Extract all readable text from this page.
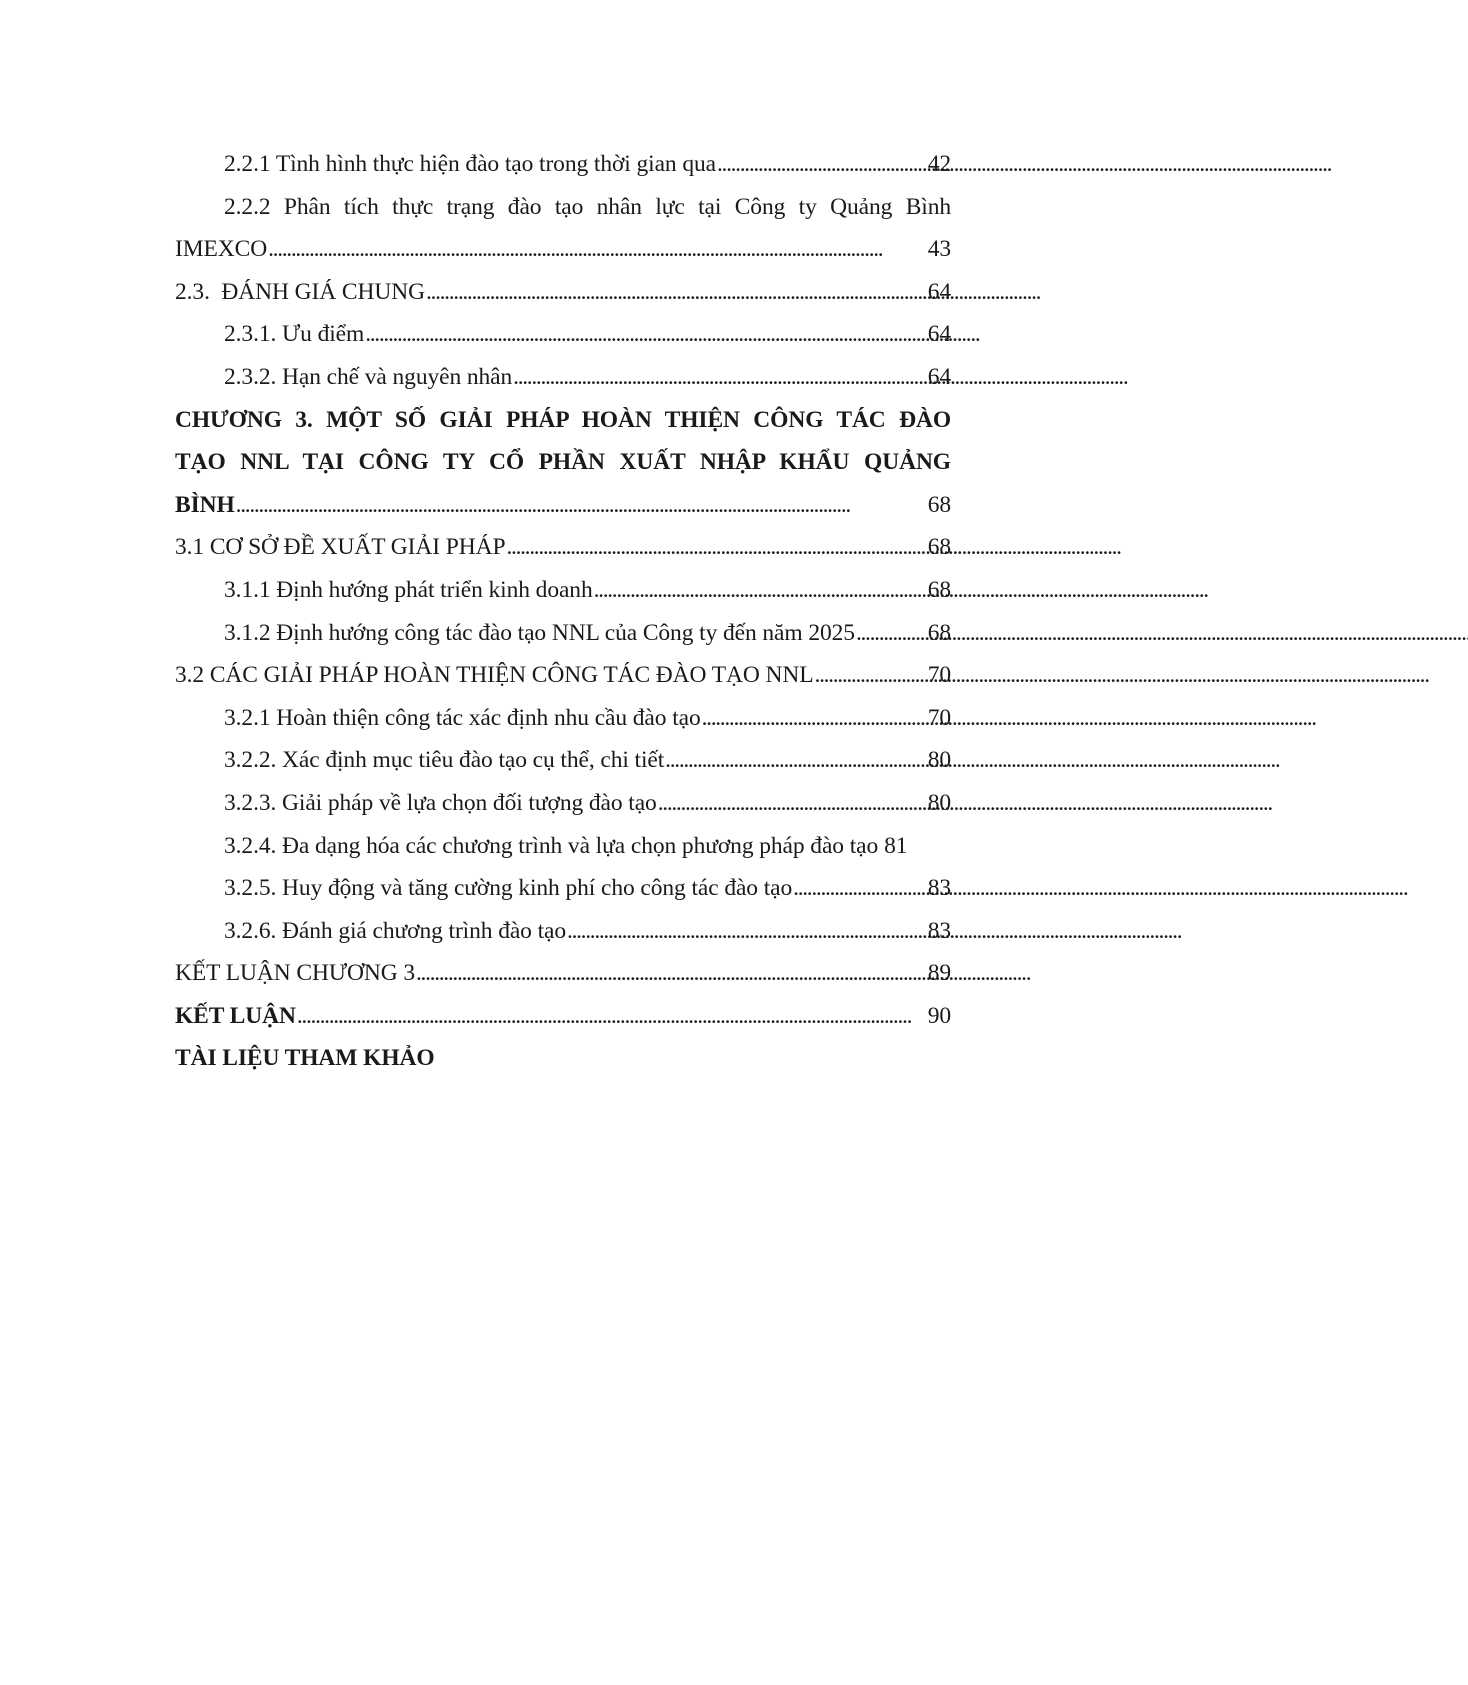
2.2.1 Tình hình thực hiện đào tạo trong thời gian qua . . .	42
2.2.2 Phân tích thực trạng đào tạo nhân lực tại Công ty Quảng Bình
IMEXCO . . .	43
2.3.  ĐÁNH GIÁ CHUNG . . .	64
2.3.1. Ưu điểm . . .	64
2.3.2. Hạn chế và nguyên nhân . . .	64
CHƯƠNG 3. MỘT SỐ GIẢI PHÁP HOÀN THIỆN CÔNG TÁC ĐÀO
TẠO NNL TẠI CÔNG TY CỔ PHẦN XUẤT NHẬP KHẨU QUẢNG
BÌNH . . .	68
3.1 CƠ SỞ ĐỀ XUẤT GIẢI PHÁP . . .	68
3.1.1 Định hướng phát triển kinh doanh . . .	68
3.1.2 Định hướng công tác đào tạo NNL của Công ty đến năm 2025 . . .	68
3.2 CÁC GIẢI PHÁP HOÀN THIỆN CÔNG TÁC ĐÀO TẠO NNL . . .	70
3.2.1 Hoàn thiện công tác xác định nhu cầu đào tạo . . .	70
3.2.2. Xác định mục tiêu đào tạo cụ thể, chi tiết . . .	80
3.2.3. Giải pháp về lựa chọn đối tượng đào tạo . . .	80
3.2.4. Đa dạng hóa các chương trình và lựa chọn phương pháp đào tạo 81
3.2.5. Huy động và tăng cường kinh phí cho công tác đào tạo . . .	83
3.2.6. Đánh giá chương trình đào tạo . . .	83
KẾT LUẬN CHƯƠNG 3 . . .	89
KẾT LUẬN . . .	90
TÀI LIỆU THAM KHẢO
